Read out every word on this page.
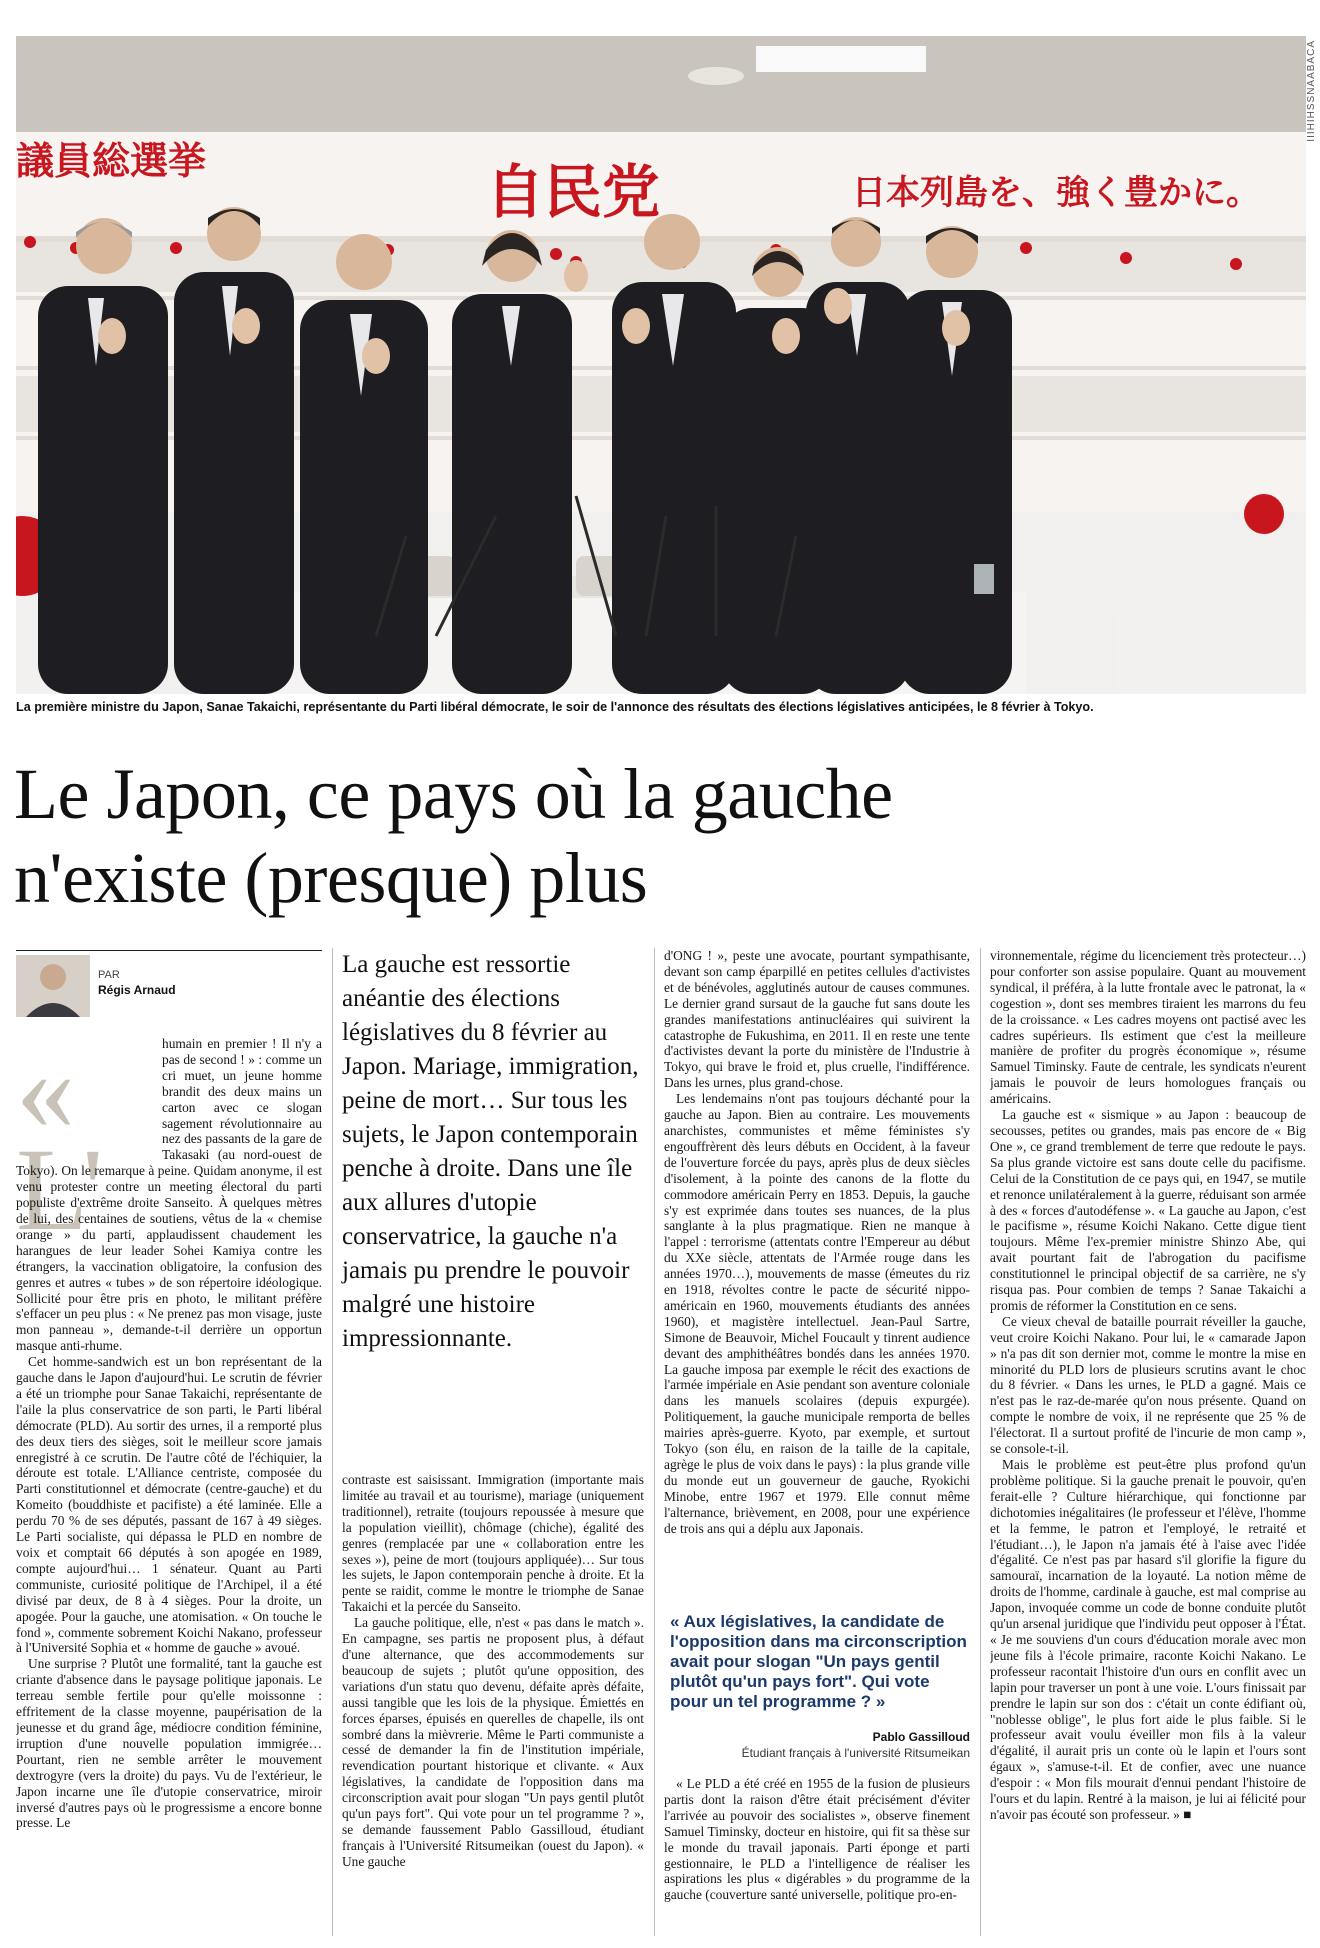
議員総選挙	自民党	日本列島を、強く豊かに。
IIIHIHSSNAABACA
La première ministre du Japon, Sanae Takaichi, représentante du Parti libéral démocrate, le soir de l'annonce des résultats des élections législatives anticipées, le 8 février à Tokyo.
Le Japon, ce pays où la gauche
n'existe (presque) plus
PAR
Régis Arnaud
« L'

humain en premier ! Il n'y a pas de second ! » : comme un cri muet, un jeune homme brandit des deux mains un carton avec ce slogan sagement révolutionnaire au nez des passants de la gare de Takasaki (au nord-ouest de Tokyo). On le remarque à peine. Quidam anonyme, il est venu protester contre un meeting électoral du parti populiste d'extrême droite Sanseito. À quelques mètres de lui, des centaines de soutiens, vêtus de la « chemise orange » du parti, applaudissent chaudement les harangues de leur leader Sohei Kamiya contre les étrangers, la vaccination obligatoire, la confusion des genres et autres « tubes » de son répertoire idéologique. Sollicité pour être pris en photo, le militant préfère s'effacer un peu plus : « Ne prenez pas mon visage, juste mon panneau », demande-t-il derrière un opportun masque anti-rhume.

Cet homme-sandwich est un bon représentant de la gauche dans le Japon d'aujourd'hui. Le scrutin de février a été un triomphe pour Sanae Takaichi, représentante de l'aile la plus conservatrice de son parti, le Parti libéral démocrate (PLD). Au sortir des urnes, il a remporté plus des deux tiers des sièges, soit le meilleur score jamais enregistré à ce scrutin. De l'autre côté de l'échiquier, la déroute est totale. L'Alliance centriste, composée du Parti constitutionnel et démocrate (centre-gauche) et du Komeito (bouddhiste et pacifiste) a été laminée. Elle a perdu 70 % de ses députés, passant de 167 à 49 sièges. Le Parti socialiste, qui dépassa le PLD en nombre de voix et comptait 66 députés à son apogée en 1989, compte aujourd'hui… 1 sénateur. Quant au Parti communiste, curiosité politique de l'Archipel, il a été divisé par deux, de 8 à 4 sièges. Pour la droite, un apogée. Pour la gauche, une atomisation. « On touche le fond », commente sobrement Koichi Nakano, professeur à l'Université Sophia et « homme de gauche » avoué.

Une surprise ? Plutôt une formalité, tant la gauche est criante d'absence dans le paysage politique japonais. Le terreau semble fertile pour qu'elle moissonne : effritement de la classe moyenne, paupérisation de la jeunesse et du grand âge, médiocre condition féminine, irruption d'une nouvelle population immigrée… Pourtant, rien ne semble arrêter le mouvement dextrogyre (vers la droite) du pays. Vu de l'extérieur, le Japon incarne une île d'utopie conservatrice, miroir inversé d'autres pays où le progressisme a encore bonne presse. Le

La gauche est ressortie anéantie des élections législatives du 8 février au Japon. Mariage, immigration, peine de mort… Sur tous les sujets, le Japon contemporain penche à droite. Dans une île aux allures d'utopie conservatrice, la gauche n'a jamais pu prendre le pouvoir malgré une histoire impressionnante.

contraste est saisissant. Immigration (importante mais limitée au travail et au tourisme), mariage (uniquement traditionnel), retraite (toujours repoussée à mesure que la population vieillit), chômage (chiche), égalité des genres (remplacée par une « collaboration entre les sexes »), peine de mort (toujours appliquée)… Sur tous les sujets, le Japon contemporain penche à droite. Et la pente se raidit, comme le montre le triomphe de Sanae Takaichi et la percée du Sanseito.

La gauche politique, elle, n'est « pas dans le match ». En campagne, ses partis ne proposent plus, à défaut d'une alternance, que des accommodements sur beaucoup de sujets ; plutôt qu'une opposition, des variations d'un statu quo devenu, défaite après défaite, aussi tangible que les lois de la physique. Émiettés en forces éparses, épuisés en querelles de chapelle, ils ont sombré dans la mièvrerie. Même le Parti communiste a cessé de demander la fin de l'institution impériale, revendication pourtant historique et clivante. « Aux législatives, la candidate de l'opposition dans ma circonscription avait pour slogan "Un pays gentil plutôt qu'un pays fort". Qui vote pour un tel programme ? », se demande faussement Pablo Gassilloud, étudiant français à l'Université Ritsumeikan (ouest du Japon). « Une gauche

d'ONG ! », peste une avocate, pourtant sympathisante, devant son camp éparpillé en petites cellules d'activistes et de bénévoles, agglutinés autour de causes communes. Le dernier grand sursaut de la gauche fut sans doute les grandes manifestations antinucléaires qui suivirent la catastrophe de Fukushima, en 2011. Il en reste une tente d'activistes devant la porte du ministère de l'Industrie à Tokyo, qui brave le froid et, plus cruelle, l'indifférence. Dans les urnes, plus grand-chose.

Les lendemains n'ont pas toujours déchanté pour la gauche au Japon. Bien au contraire. Les mouvements anarchistes, communistes et même féministes s'y engouffrèrent dès leurs débuts en Occident, à la faveur de l'ouverture forcée du pays, après plus de deux siècles d'isolement, à la pointe des canons de la flotte du commodore américain Perry en 1853. Depuis, la gauche s'y est exprimée dans toutes ses nuances, de la plus sanglante à la plus pragmatique. Rien ne manque à l'appel : terrorisme (attentats contre l'Empereur au début du XXe siècle, attentats de l'Armée rouge dans les années 1970…), mouvements de masse (émeutes du riz en 1918, révoltes contre le pacte de sécurité nippo-américain en 1960, mouvements étudiants des années 1960), et magistère intellectuel. Jean-Paul Sartre, Simone de Beauvoir, Michel Foucault y tinrent audience devant des amphithéâtres bondés dans les années 1970. La gauche imposa par exemple le récit des exactions de l'armée impériale en Asie pendant son aventure coloniale dans les manuels scolaires (depuis expurgée). Politiquement, la gauche municipale remporta de belles mairies après-guerre. Kyoto, par exemple, et surtout Tokyo (son élu, en raison de la taille de la capitale, agrège le plus de voix dans le pays) : la plus grande ville du monde eut un gouverneur de gauche, Ryokichi Minobe, entre 1967 et 1979. Elle connut même l'alternance, brièvement, en 2008, pour une expérience de trois ans qui a déplu aux Japonais.

« Aux législatives, la candidate de l'opposition dans ma circonscription avait pour slogan "Un pays gentil plutôt qu'un pays fort". Qui vote pour un tel programme ? »
Pablo Gassilloud
Étudiant français à l'université Ritsumeikan

« Le PLD a été créé en 1955 de la fusion de plusieurs partis dont la raison d'être était précisément d'éviter l'arrivée au pouvoir des socialistes », observe finement Samuel Timinsky, docteur en histoire, qui fit sa thèse sur le monde du travail japonais. Parti éponge et parti gestionnaire, le PLD a l'intelligence de réaliser les aspirations les plus « digérables » du programme de la gauche (couverture santé universelle, politique pro-en-

vironnementale, régime du licenciement très protecteur…) pour conforter son assise populaire. Quant au mouvement syndical, il préféra, à la lutte frontale avec le patronat, la « cogestion », dont ses membres tiraient les marrons du feu de la croissance. « Les cadres moyens ont pactisé avec les cadres supérieurs. Ils estiment que c'est la meilleure manière de profiter du progrès économique », résume Samuel Timinsky. Faute de centrale, les syndicats n'eurent jamais le pouvoir de leurs homologues français ou américains.

La gauche est « sismique » au Japon : beaucoup de secousses, petites ou grandes, mais pas encore de « Big One », ce grand tremblement de terre que redoute le pays. Sa plus grande victoire est sans doute celle du pacifisme. Celui de la Constitution de ce pays qui, en 1947, se mutile et renonce unilatéralement à la guerre, réduisant son armée à des « forces d'autodéfense ». « La gauche au Japon, c'est le pacifisme », résume Koichi Nakano. Cette digue tient toujours. Même l'ex-premier ministre Shinzo Abe, qui avait pourtant fait de l'abrogation du pacifisme constitutionnel le principal objectif de sa carrière, ne s'y risqua pas. Pour combien de temps ? Sanae Takaichi a promis de réformer la Constitution en ce sens.

Ce vieux cheval de bataille pourrait réveiller la gauche, veut croire Koichi Nakano. Pour lui, le « camarade Japon » n'a pas dit son dernier mot, comme le montre la mise en minorité du PLD lors de plusieurs scrutins avant le choc du 8 février. « Dans les urnes, le PLD a gagné. Mais ce n'est pas le raz-de-marée qu'on nous présente. Quand on compte le nombre de voix, il ne représente que 25 % de l'électorat. Il a surtout profité de l'incurie de mon camp », se console-t-il.

Mais le problème est peut-être plus profond qu'un problème politique. Si la gauche prenait le pouvoir, qu'en ferait-elle ? Culture hiérarchique, qui fonctionne par dichotomies inégalitaires (le professeur et l'élève, l'homme et la femme, le patron et l'employé, le retraité et l'étudiant…), le Japon n'a jamais été à l'aise avec l'idée d'égalité. Ce n'est pas par hasard s'il glorifie la figure du samouraï, incarnation de la loyauté. La notion même de droits de l'homme, cardinale à gauche, est mal comprise au Japon, invoquée comme un code de bonne conduite plutôt qu'un arsenal juridique que l'individu peut opposer à l'État. « Je me souviens d'un cours d'éducation morale avec mon jeune fils à l'école primaire, raconte Koichi Nakano. Le professeur racontait l'histoire d'un ours en conflit avec un lapin pour traverser un pont à une voie. L'ours finissait par prendre le lapin sur son dos : c'était un conte édifiant où, "noblesse oblige", le plus fort aide le plus faible. Si le professeur avait voulu éveiller mon fils à la valeur d'égalité, il aurait pris un conte où le lapin et l'ours sont égaux », s'amuse-t-il. Et de confier, avec une nuance d'espoir : « Mon fils mourait d'ennui pendant l'histoire de l'ours et du lapin. Rentré à la maison, je lui ai félicité pour n'avoir pas écouté son professeur. » ■
